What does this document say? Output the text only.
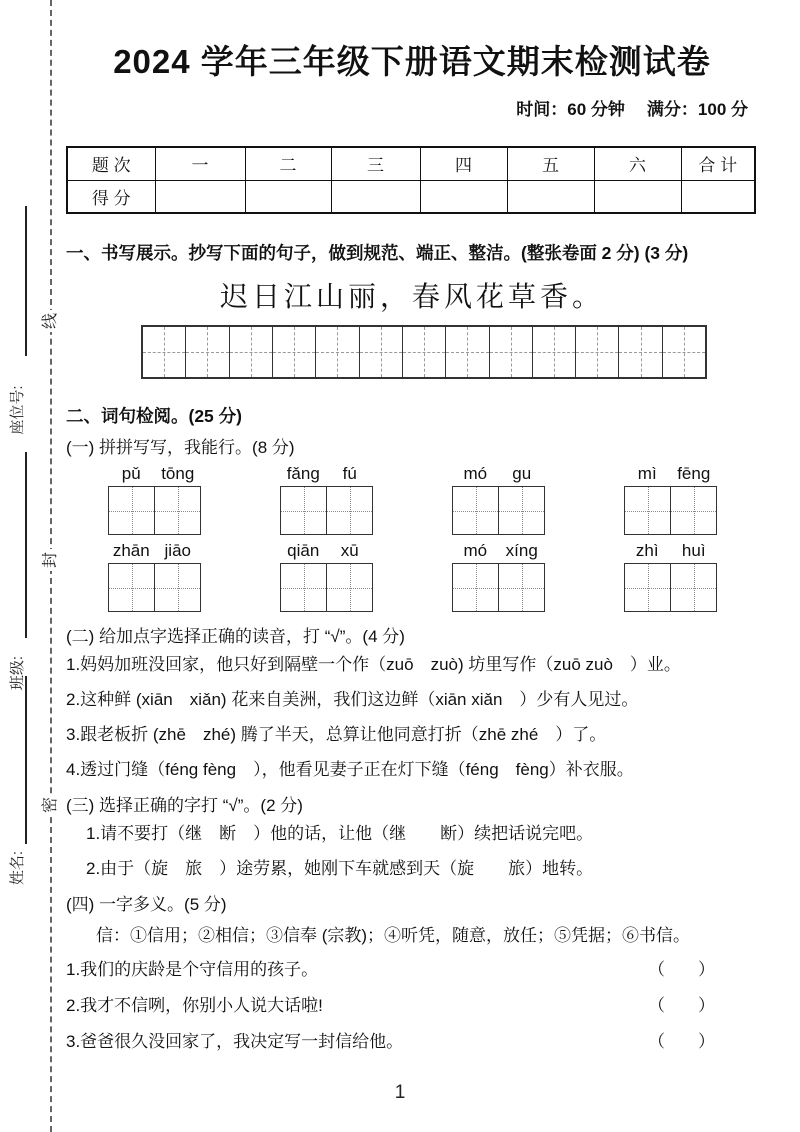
线
封
密
座位号:
班级:
姓名:
2024 学年三年级下册语文期末检测试卷
时间：60 分钟 满分：100 分
题 次	一	二	三	四	五	六	合 计
得 分							
一、书写展示。抄写下面的句子，做到规范、端正、整洁。(整张卷面 2 分) (3 分)
迟日江山丽，春风花草香。
二、词句检阅。(25 分)
(一) 拼拼写写，我能行。(8 分)
pǔ	tōng	fǎng	fú	mó	gu	mì	fēng
zhān jiāo	qiān	xū	mó	xíng	zhì	huì
(二) 给加点字选择正确的读音，打 “√”。(4 分)
1.妈妈加班没回家，他只好到隔壁一个作（zuō　zuò) 坊里写作（zuō zuò　）业。
2.这种鲜 (xiān　xiǎn) 花来自美洲，我们这边鲜（xiān xiǎn　）少有人见过。
3.跟老板折 (zhē　zhé) 腾了半天，总算让他同意打折（zhē zhé　）了。
4.透过门缝（féng fèng　），他看见妻子正在灯下缝（féng　fèng）补衣服。
(三) 选择正确的字打 “√”。(2 分)
1.请不要打（继　断　）他的话，让他（继　　断）续把话说完吧。
2.由于（旋　旅　）途劳累，她刚下车就感到天（旋　　旅）地转。
(四) 一字多义。(5 分)
信：①信用；②相信；③信奉 (宗教)；④听凭，随意，放任；⑤凭据；⑥书信。
1.我们的庆龄是个守信用的孩子。	（　）
2.我才不信咧，你别小人说大话啦!	（　）
3.爸爸很久没回家了，我决定写一封信给他。	（　）
1
